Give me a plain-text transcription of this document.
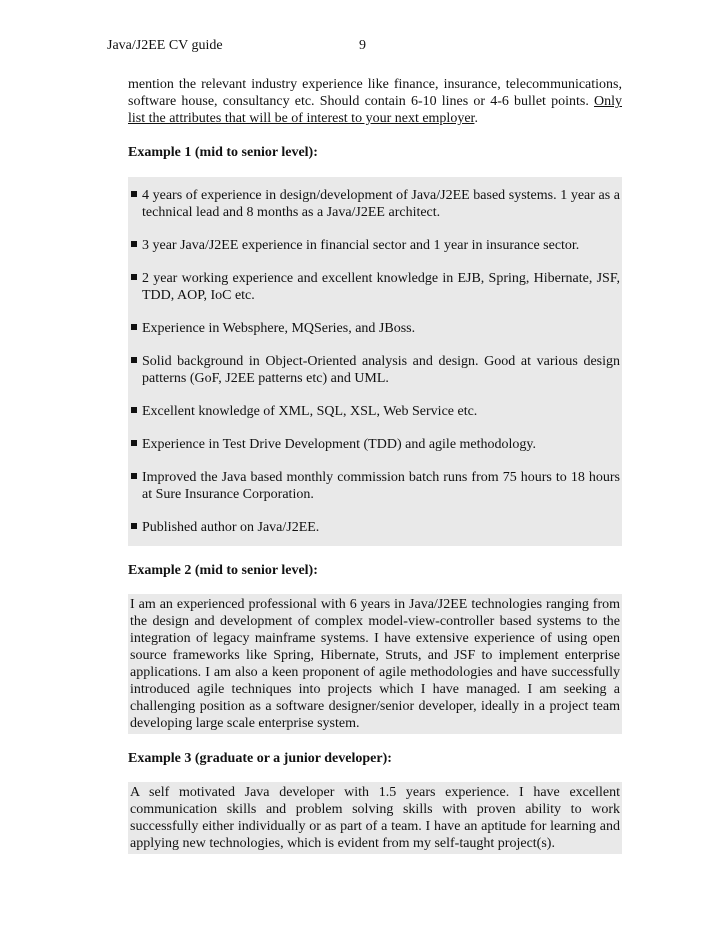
Java/J2EE CV guide	9

mention the relevant industry experience like finance, insurance, telecommunications, software house, consultancy etc. Should contain 6-10 lines or 4-6 bullet points. Only list the attributes that will be of interest to your next employer.

Example 1 (mid to senior level):

4 years of experience in design/development of Java/J2EE based systems. 1 year as a technical lead and 8 months as a Java/J2EE architect.
3 year Java/J2EE experience in financial sector and 1 year in insurance sector.
2 year working experience and excellent knowledge in EJB, Spring, Hibernate, JSF, TDD, AOP, IoC etc.
Experience in Websphere, MQSeries, and JBoss.
Solid background in Object-Oriented analysis and design. Good at various design patterns (GoF, J2EE patterns etc) and UML.
Excellent knowledge of XML, SQL, XSL, Web Service etc.
Experience in Test Drive Development (TDD) and agile methodology.
Improved the Java based monthly commission batch runs from 75 hours to 18 hours at Sure Insurance Corporation.
Published author on Java/J2EE.

Example 2 (mid to senior level):

I am an experienced professional with 6 years in Java/J2EE technologies ranging from the design and development of complex model-view-controller based systems to the integration of legacy mainframe systems. I have extensive experience of using open source frameworks like Spring, Hibernate, Struts, and JSF to implement enterprise applications. I am also a keen proponent of agile methodologies and have successfully introduced agile techniques into projects which I have managed. I am seeking a challenging position as a software designer/senior developer, ideally in a project team developing large scale enterprise system.

Example 3 (graduate or a junior developer):

A self motivated Java developer with 1.5 years experience. I have excellent communication skills and problem solving skills with proven ability to work successfully either individually or as part of a team. I have an aptitude for learning and applying new technologies, which is evident from my self-taught project(s).
